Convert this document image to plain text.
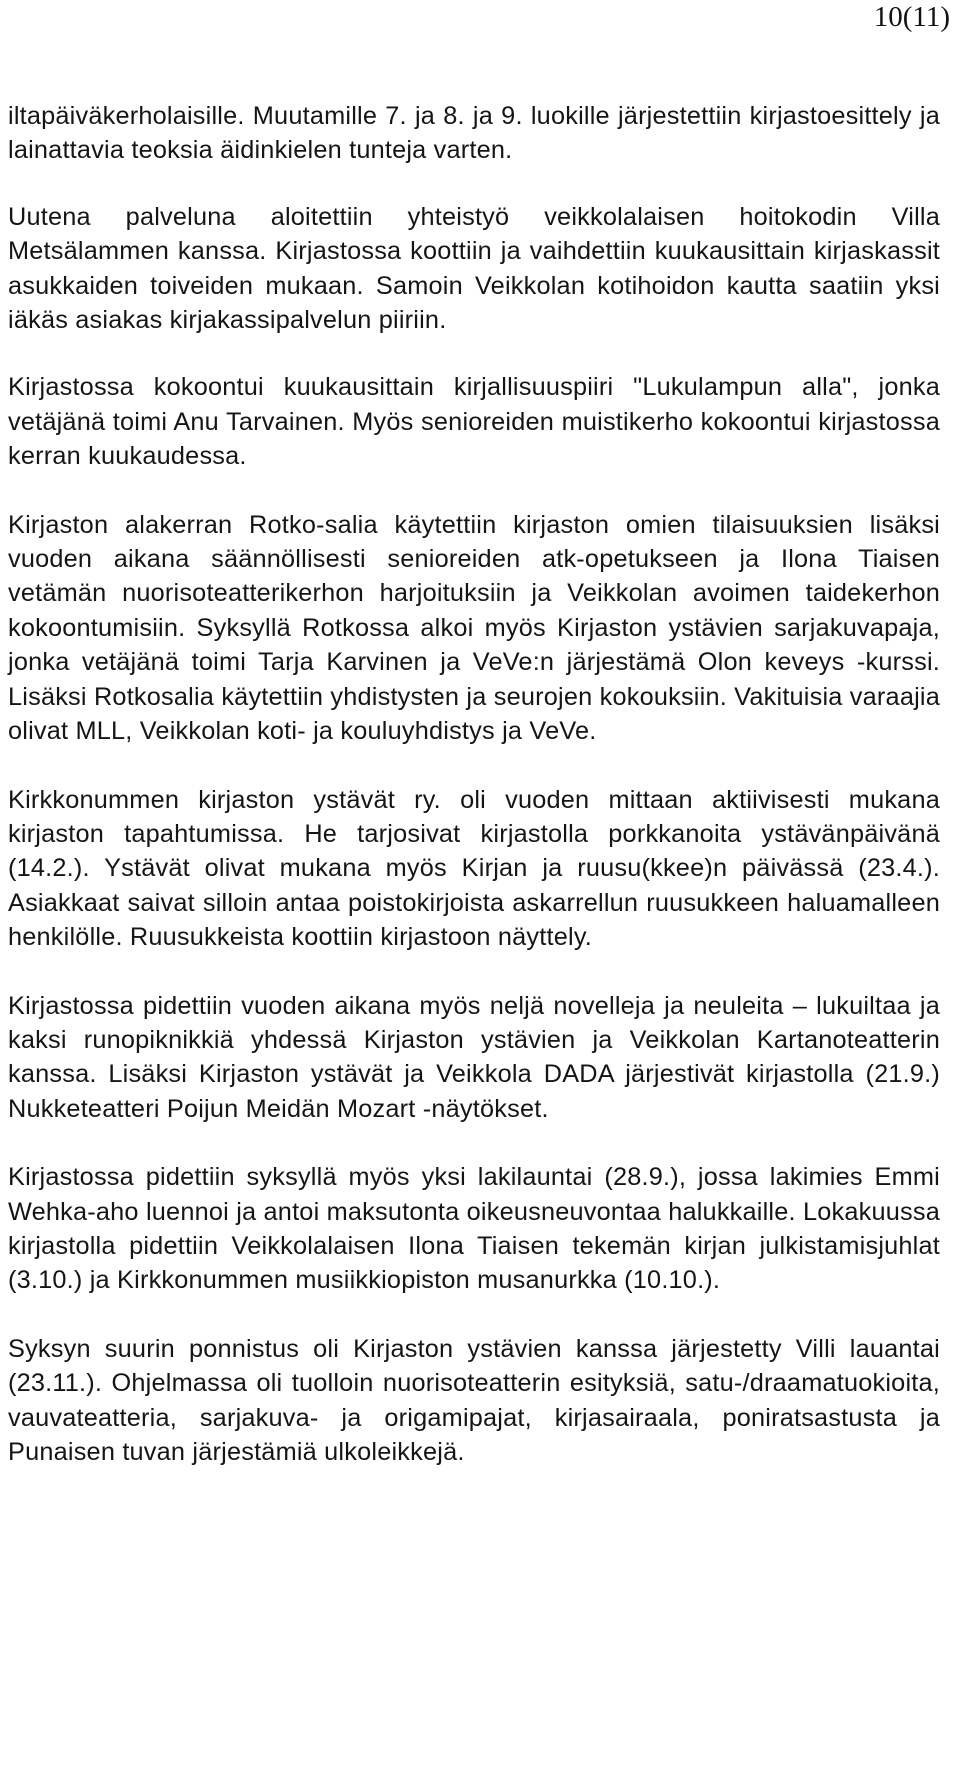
10(11)

iltapäiväkerholaisille. Muutamille 7. ja 8. ja 9. luokille järjestettiin kirjastoesittely ja lainattavia teoksia äidinkielen tunteja varten.

Uutena palveluna aloitettiin yhteistyö veikkolalaisen hoitokodin Villa Metsälammen kanssa. Kirjastossa koottiin ja vaihdettiin kuukausittain kirjaskassit asukkaiden toiveiden mukaan. Samoin Veikkolan kotihoidon kautta saatiin yksi iäkäs asiakas kirjakassipalvelun piiriin.

Kirjastossa kokoontui kuukausittain kirjallisuuspiiri "Lukulampun alla", jonka vetäjänä toimi Anu Tarvainen. Myös senioreiden muistikerho kokoontui kirjastossa kerran kuukaudessa.

Kirjaston alakerran Rotko-salia käytettiin kirjaston omien tilaisuuksien lisäksi vuoden aikana säännöllisesti senioreiden atk-opetukseen ja Ilona Tiaisen vetämän nuorisoteatterikerhon harjoituksiin ja Veikkolan avoimen taidekerhon kokoontumisiin. Syksyllä Rotkossa alkoi myös Kirjaston ystävien sarjakuvapaja, jonka vetäjänä toimi Tarja Karvinen ja VeVe:n järjestämä Olon keveys -kurssi. Lisäksi Rotkosalia käytettiin yhdistysten ja seurojen kokouksiin. Vakituisia varaajia olivat MLL, Veikkolan koti- ja kouluyhdistys ja VeVe.

Kirkkonummen kirjaston ystävät ry. oli vuoden mittaan aktiivisesti mukana kirjaston tapahtumissa. He tarjosivat kirjastolla porkkanoita ystävänpäivänä (14.2.). Ystävät olivat mukana myös Kirjan ja ruusu(kkee)n päivässä (23.4.). Asiakkaat saivat silloin antaa poistokirjoista askarrellun ruusukkeen haluamalleen henkilölle. Ruusukkeista koottiin kirjastoon näyttely.

Kirjastossa pidettiin vuoden aikana myös neljä novelleja ja neuleita – lukuiltaa ja kaksi runopiknikkiä yhdessä Kirjaston ystävien ja Veikkolan Kartanoteatterin kanssa. Lisäksi Kirjaston ystävät ja Veikkola DADA järjestivät kirjastolla (21.9.) Nukketeatteri Poijun Meidän Mozart -näytökset.

Kirjastossa pidettiin syksyllä myös yksi lakilauntai (28.9.), jossa lakimies Emmi Wehka-aho luennoi ja antoi maksutonta oikeusneuvontaa halukkaille. Lokakuussa kirjastolla pidettiin Veikkolalaisen Ilona Tiaisen tekemän kirjan julkistamisjuhlat (3.10.) ja Kirkkonummen musiikkiopiston musanurkka (10.10.).

Syksyn suurin ponnistus oli Kirjaston ystävien kanssa järjestetty Villi lauantai (23.11.). Ohjelmassa oli tuolloin nuorisoteatterin esityksiä, satu-/draamatuokioita, vauvateatteria, sarjakuva- ja origamipajat, kirjasairaala, poniratsastusta ja Punaisen tuvan järjestämiä ulkoleikkejä.
